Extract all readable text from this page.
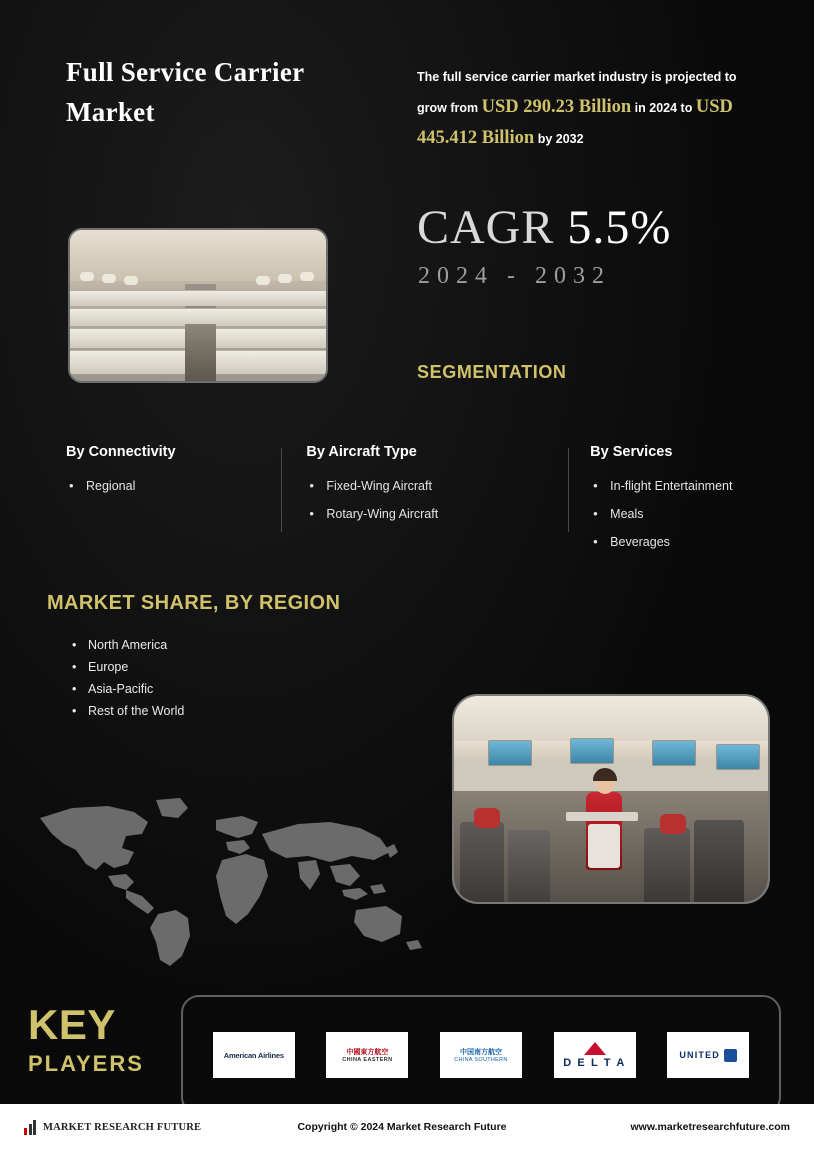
Full Service Carrier Market
The full service carrier market industry is projected to grow from USD 290.23 Billion in 2024 to USD 445.412 Billion by 2032
CAGR 5.5%
2024 - 2032
SEGMENTATION
By Connectivity
• Regional
By Aircraft Type
• Fixed-Wing Aircraft
• Rotary-Wing Aircraft
By Services
• In-flight Entertainment
• Meals
• Beverages
MARKET SHARE, BY REGION
• North America
• Europe
• Asia-Pacific
• Rest of the World
KEY
PLAYERS	American Airlines	中國東方航空
CHINA EASTERN
中国南方航空
CHINA SOUTHERN	D E L T A
UNITED
MARKET RESEARCH FUTURE	Copyright © 2024 Market Research Future	www.marketresearchfuture.com
